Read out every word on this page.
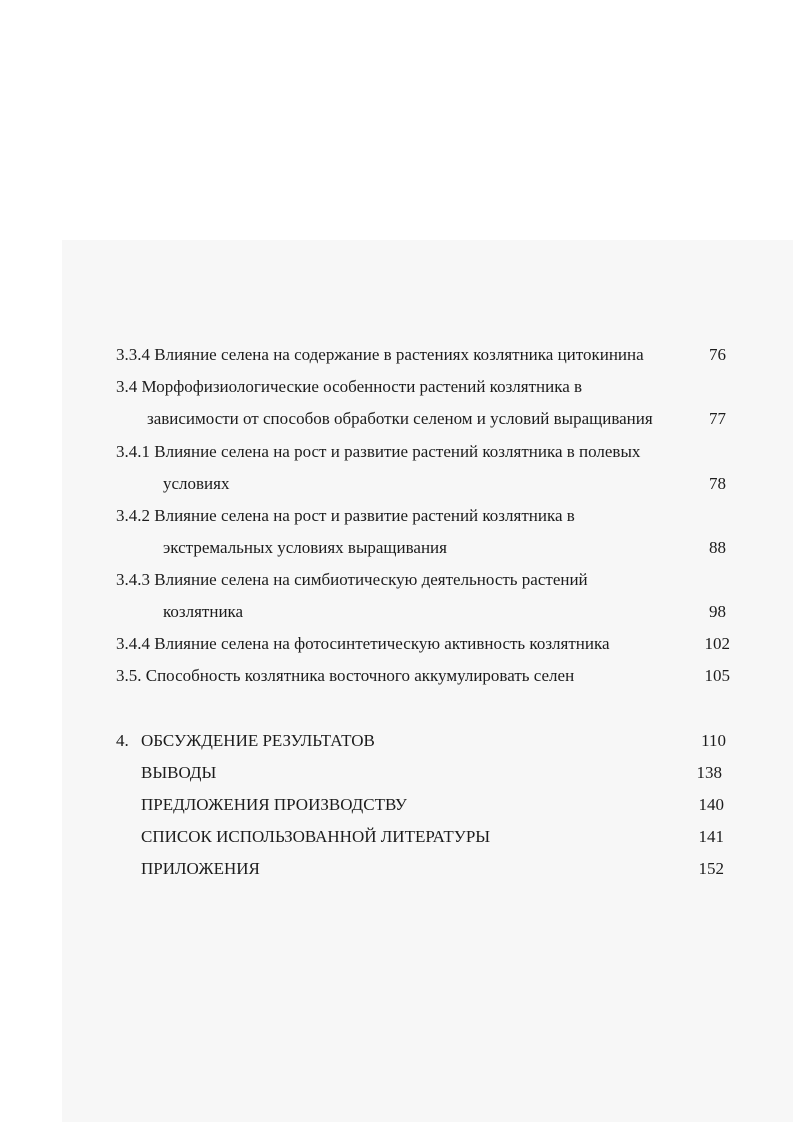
3.3.4 Влияние селена на содержание в растениях козлятника цитокинина	76
3.4 Морфофизиологические особенности растений козлятника в
зависимости от способов обработки селеном и условий выращивания	77
3.4.1 Влияние селена на рост и развитие растений козлятника в полевых
условиях	78
3.4.2 Влияние селена на рост и развитие растений козлятника в
экстремальных условиях выращивания	88
3.4.3 Влияние селена на симбиотическую деятельность растений
козлятника	98
3.4.4 Влияние селена на фотосинтетическую активность козлятника	102
3.5. Способность козлятника восточного аккумулировать селен	105
4. ОБСУЖДЕНИЕ РЕЗУЛЬТАТОВ	110
ВЫВОДЫ	138
ПРЕДЛОЖЕНИЯ ПРОИЗВОДСТВУ	140
СПИСОК ИСПОЛЬЗОВАННОЙ ЛИТЕРАТУРЫ	141
ПРИЛОЖЕНИЯ	152
